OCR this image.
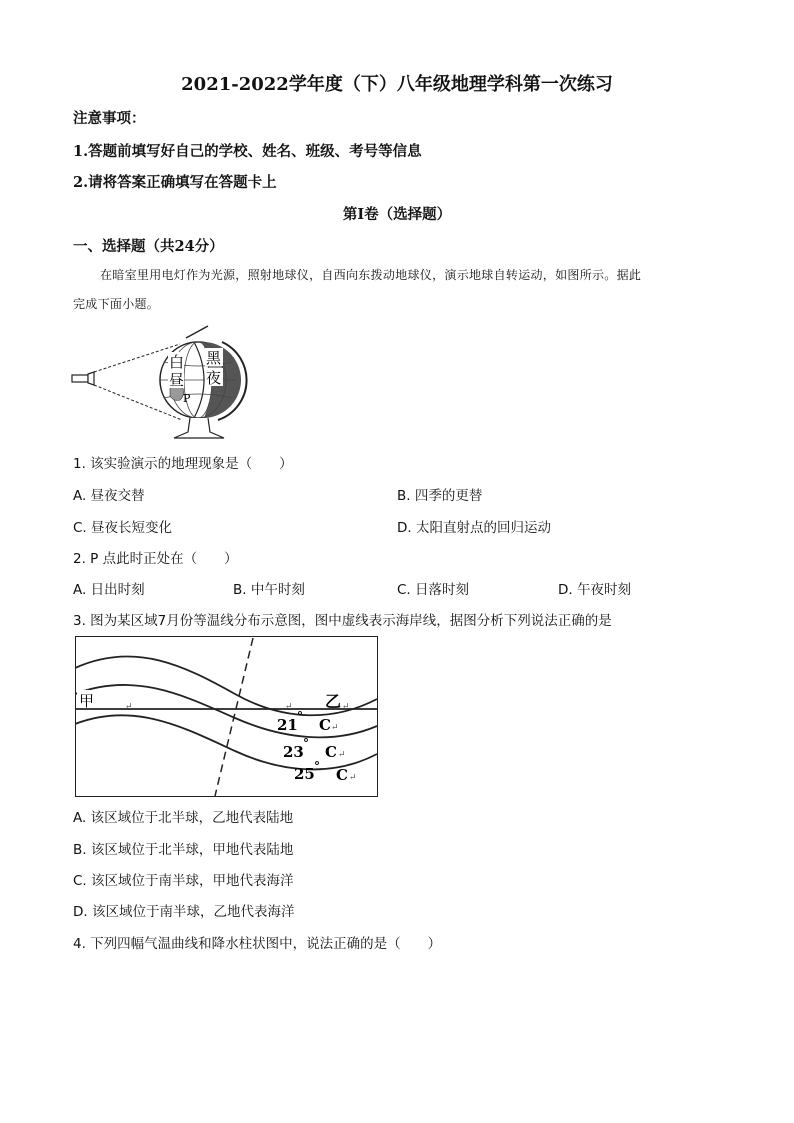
2021-2022学年度（下）八年级地理学科第一次练习
注意事项：
1.答题前填写好自己的学校、姓名、班级、考号等信息
2.请将答案正确填写在答题卡上
第I卷（选择题）
一、选择题（共24分）
在暗室里用电灯作为光源，照射地球仪，自西向东拨动地球仪，演示地球自转运动，如图所示。据此
完成下面小题。
白
昼
黑
夜
P
1. 该实验演示的地理现象是（　　）
A. 昼夜交替	B. 四季的更替
C. 昼夜长短变化	D. 太阳直射点的回归运动
2. P 点此时正处在（　　）
A. 日出时刻	B. 中午时刻	C. 日落时刻	D. 午夜时刻
3. 图为某区域7月份等温线分布示意图，图中虚线表示海岸线，据图分析下列说法正确的是
甲	↵	↵ 乙 ↵
21 ° C ↵
23 ° C ↵
25 ° C ↵
A. 该区域位于北半球，乙地代表陆地
B. 该区域位于北半球，甲地代表陆地
C. 该区域位于南半球，甲地代表海洋
D. 该区域位于南半球，乙地代表海洋
4. 下列四幅气温曲线和降水柱状图中，说法正确的是（　　）
